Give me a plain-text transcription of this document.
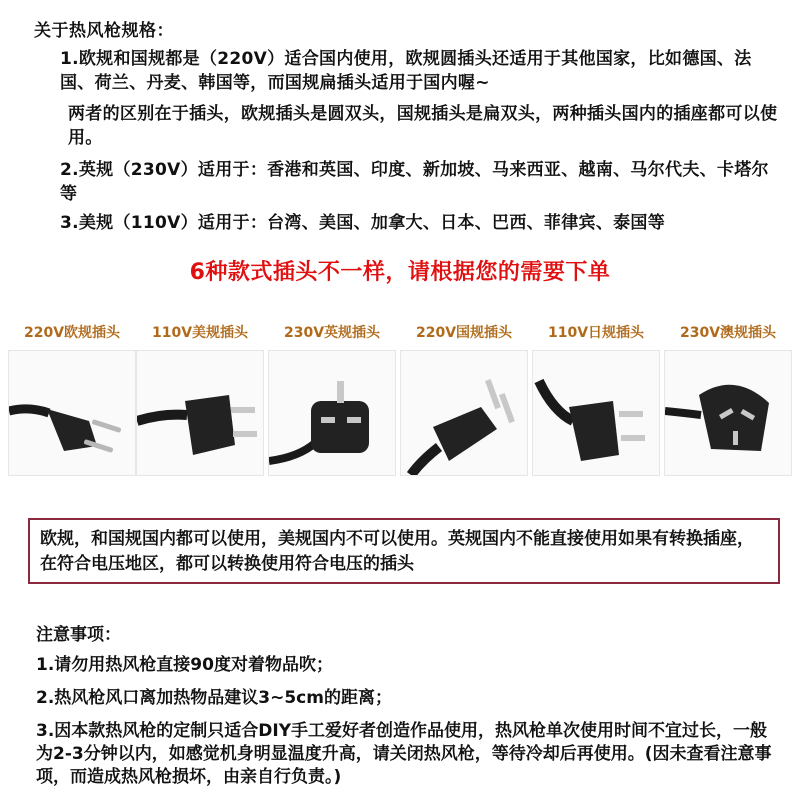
关于热风枪规格：
1.欧规和国规都是（220V）适合国内使用，欧规圆插头还适用于其他国家，比如德国、法国、荷兰、丹麦、韩国等，而国规扁插头适用于国内喔~
两者的区别在于插头，欧规插头是圆双头，国规插头是扁双头，两种插头国内的插座都可以使用。
2.英规（230V）适用于：香港和英国、印度、新加坡、马来西亚、越南、马尔代夫、卡塔尔等
3.美规（110V）适用于：台湾、美国、加拿大、日本、巴西、菲律宾、泰国等
6种款式插头不一样，请根据您的需要下单
220V欧规插头	110V美规插头	230V英规插头	220V国规插头	110V日规插头	230V澳规插头
欧规，和国规国内都可以使用，美规国内不可以使用。英规国内不能直接使用如果有转换插座，在符合电压地区，都可以转换使用符合电压的插头
注意事项：
1.请勿用热风枪直接90度对着物品吹；
2.热风枪风口离加热物品建议3~5cm的距离；
3.因本款热风枪的定制只适合DIY手工爱好者创造作品使用，热风枪单次使用时间不宜过长，一般为2-3分钟以内，如感觉机身明显温度升高，请关闭热风枪，等待冷却后再使用。(因未查看注意事项，而造成热风枪损坏，由亲自行负责。)
